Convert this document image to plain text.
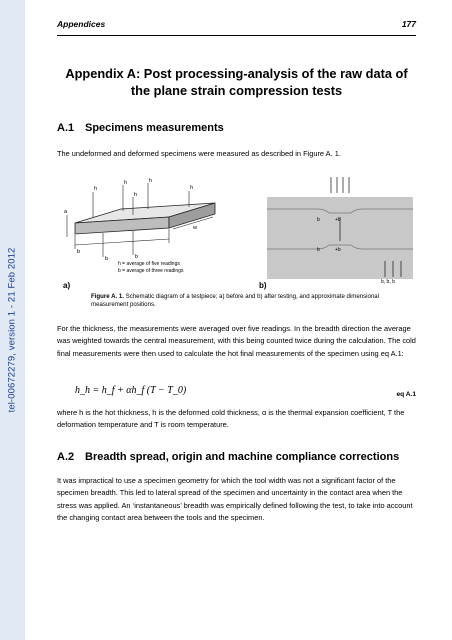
tel-00672279, version 1 - 21 Feb 2012
Appendices	177
Appendix A: Post processing-analysis of the raw data of
the plane strain compression tests
A.1 Specimens measurements
The undeformed and deformed specimens were measured as described in Figure A. 1.
h
h	h
h
h
b
b	b
a
w
h = average of five readings
b = average of three readings
b	+b
b	+b
b, b, b
a)	b)
Figure A. 1. Schematic diagram of a testpiece; a) before and b) after testing, and approximate dimensional measurement positions.
For the thickness, the measurements were averaged over five readings. In the breadth direction the average was weighted towards the central measurement, with this being counted twice during the calculation. The cold final measurements were then used to calculate the hot final measurements of the specimen using eq A.1:
h_h = h_f + αh_f (T − T_0)	eq A.1
where h is the hot thickness, h is the deformed cold thickness, α is the thermal expansion coefficient, T the deformation temperature and T is room temperature.
A.2 Breadth spread, origin and machine compliance corrections
It was impractical to use a specimen geometry for which the tool width was not a significant factor of the specimen breadth. This led to lateral spread of the specimen and uncertainty in the contact area when the stress was applied. An ‘instantaneous’ breadth was empirically defined following the test, to take into account the changing contact area between the tools and the specimen.
